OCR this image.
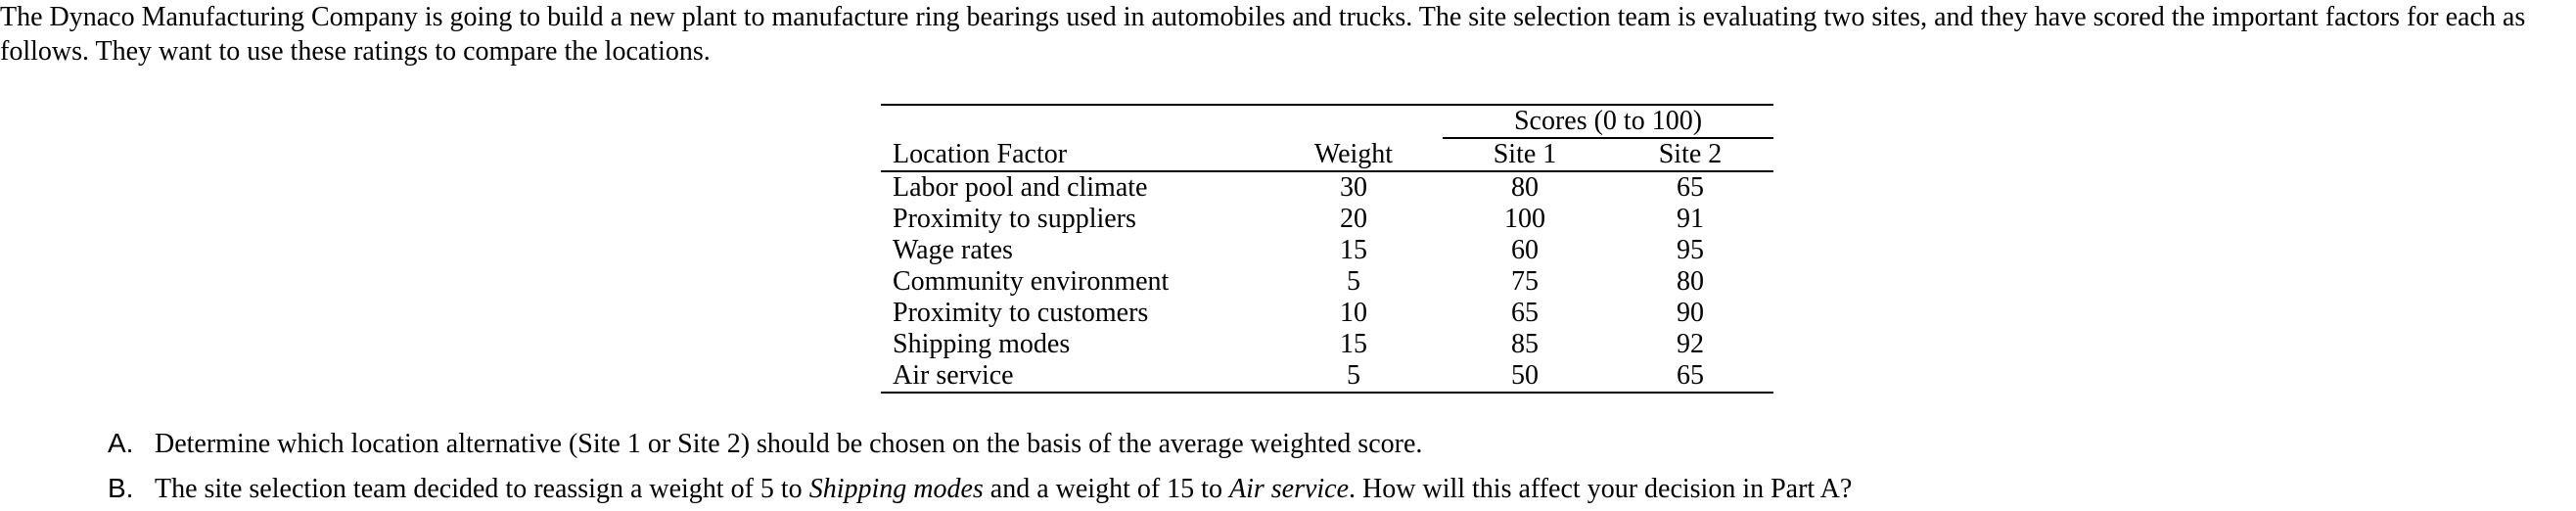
The Dynaco Manufacturing Company is going to build a new plant to manufacture ring bearings used in automobiles and trucks. The site selection team is evaluating two sites, and they have scored the important factors for each as follows. They want to use these ratings to compare the locations.

		Scores (0 to 100)	
Location Factor	Weight	Site 1	Site 2
Labor pool and climate	30	80	65
Proximity to suppliers	20	100	91
Wage rates	15	60	95
Community environment	5	75	80
Proximity to customers	10	65	90
Shipping modes	15	85	92
Air service	5	50	65
A. Determine which location alternative (Site 1 or Site 2) should be chosen on the basis of the average weighted score.
B. The site selection team decided to reassign a weight of 5 to Shipping modes and a weight of 15 to Air service. How will this affect your decision in Part A?
